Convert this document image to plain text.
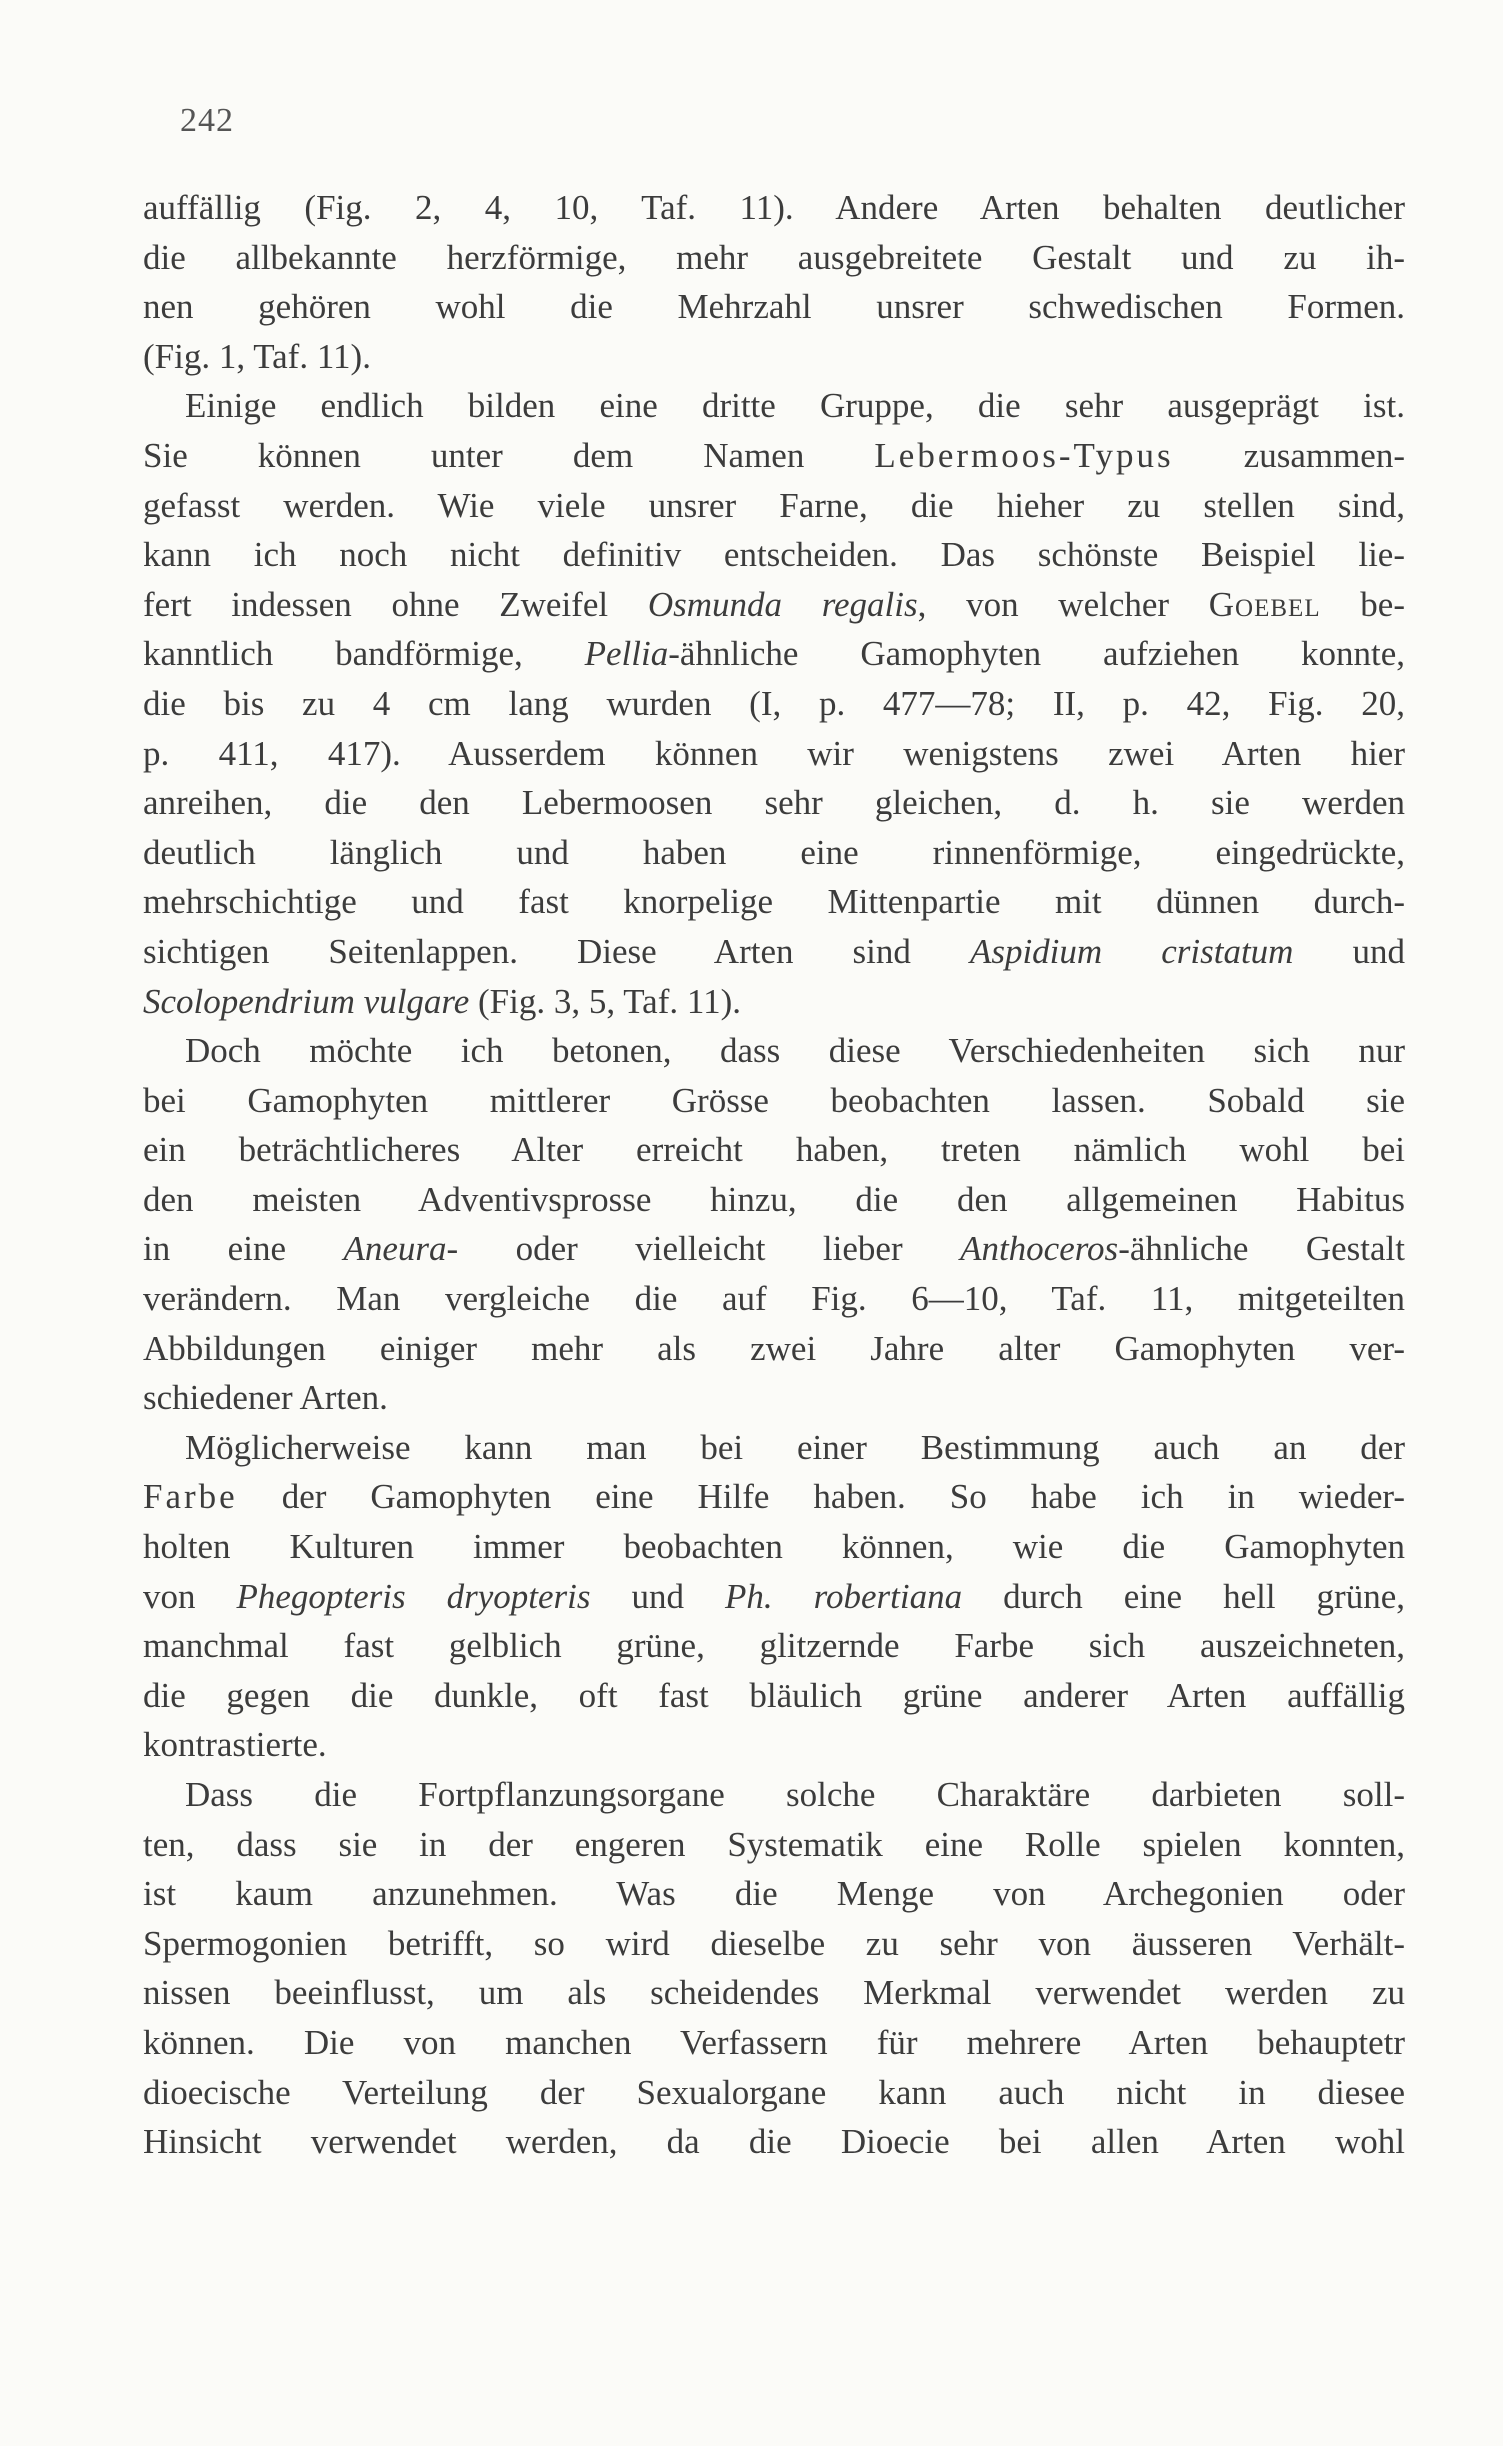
242
auffällig (Fig. 2, 4, 10, Taf. 11). Andere Arten behalten deutlicher
die allbekannte herzförmige, mehr ausgebreitete Gestalt und zu ih-
nen gehören wohl die Mehrzahl unsrer schwedischen Formen.
(Fig. 1, Taf. 11).
Einige endlich bilden eine dritte Gruppe, die sehr ausgeprägt ist.
Sie können unter dem Namen Lebermoos-Typus zusammen-
gefasst werden. Wie viele unsrer Farne, die hieher zu stellen sind,
kann ich noch nicht definitiv entscheiden. Das schönste Beispiel lie-
fert indessen ohne Zweifel Osmunda regalis, von welcher Goebel be-
kanntlich bandförmige, Pellia-ähnliche Gamophyten aufziehen konnte,
die bis zu 4 cm lang wurden (I, p. 477—78; II, p. 42, Fig. 20,
p. 411, 417). Ausserdem können wir wenigstens zwei Arten hier
anreihen, die den Lebermoosen sehr gleichen, d. h. sie werden
deutlich länglich und haben eine rinnenförmige, eingedrückte,
mehrschichtige und fast knorpelige Mittenpartie mit dünnen durch-
sichtigen Seitenlappen. Diese Arten sind Aspidium cristatum und
Scolopendrium vulgare (Fig. 3, 5, Taf. 11).
Doch möchte ich betonen, dass diese Verschiedenheiten sich nur
bei Gamophyten mittlerer Grösse beobachten lassen. Sobald sie
ein beträchtlicheres Alter erreicht haben, treten nämlich wohl bei
den meisten Adventivsprosse hinzu, die den allgemeinen Habitus
in eine Aneura- oder vielleicht lieber Anthoceros-ähnliche Gestalt
verändern. Man vergleiche die auf Fig. 6—10, Taf. 11, mitgeteilten
Abbildungen einiger mehr als zwei Jahre alter Gamophyten ver-
schiedener Arten.
Möglicherweise kann man bei einer Bestimmung auch an der
Farbe der Gamophyten eine Hilfe haben. So habe ich in wieder-
holten Kulturen immer beobachten können, wie die Gamophyten
von Phegopteris dryopteris und Ph. robertiana durch eine hell grüne,
manchmal fast gelblich grüne, glitzernde Farbe sich auszeichneten,
die gegen die dunkle, oft fast bläulich grüne anderer Arten auffällig
kontrastierte.
Dass die Fortpflanzungsorgane solche Charaktäre darbieten soll-
ten, dass sie in der engeren Systematik eine Rolle spielen konnten,
ist kaum anzunehmen. Was die Menge von Archegonien oder
Spermogonien betrifft, so wird dieselbe zu sehr von äusseren Verhält-
nissen beeinflusst, um als scheidendes Merkmal verwendet werden zu
können. Die von manchen Verfassern für mehrere Arten behauptetr
dioecische Verteilung der Sexualorgane kann auch nicht in diesee
Hinsicht verwendet werden, da die Dioecie bei allen Arten wohl
